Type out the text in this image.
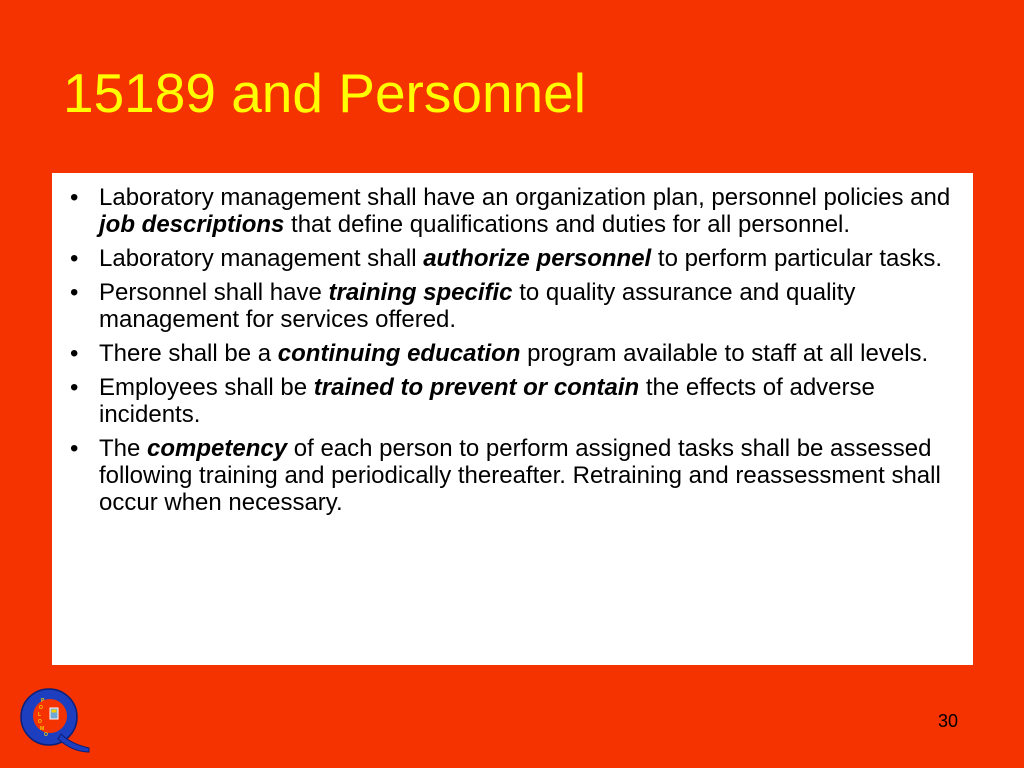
15189 and Personnel
• Laboratory management shall have an organization plan, personnel policies and job descriptions that define qualifications and duties for all personnel.
• Laboratory management shall authorize personnel to perform particular tasks.
• Personnel shall have training specific to quality assurance and quality management for services offered.
• There shall be a continuing education program available to staff at all levels.
• Employees shall be trained to prevent or contain the effects of adverse incidents.
• The competency of each person to perform assigned tasks shall be assessed following training and periodically thereafter. Retraining and reassessment shall occur when necessary.
P
O
L
O
M
O
30
